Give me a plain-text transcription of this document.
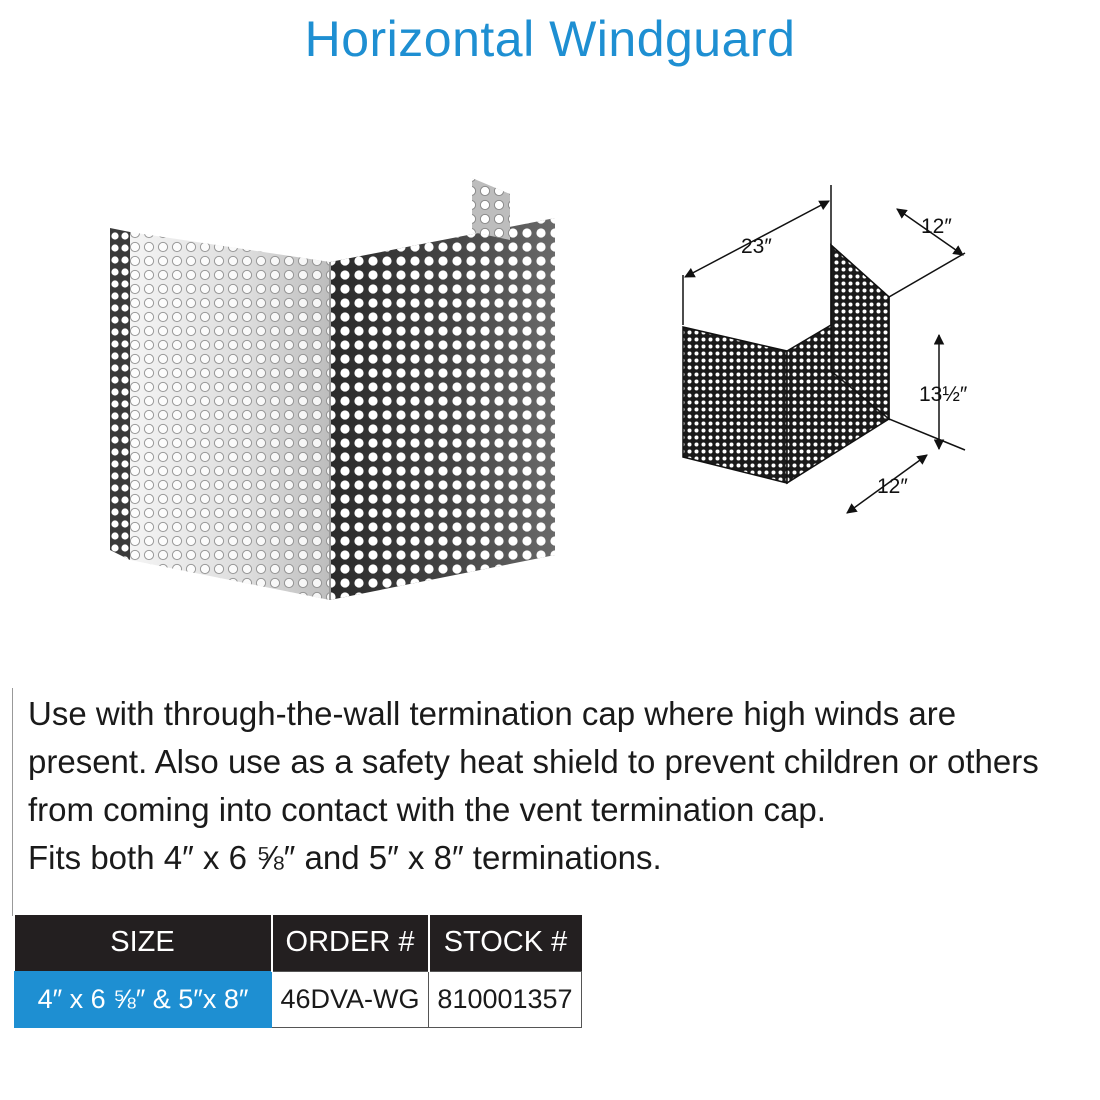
Horizontal Windguard
23″
12″
13½″
12″

Use with through-the-wall termination cap where high winds are

present. Also use as a safety heat shield to prevent children or others

from coming into contact with the vent termination cap.

Fits both 4″ x 6 ⅝″ and 5″ x 8″ terminations.

SIZE	ORDER #	STOCK #
4″ x 6 ⅝″ & 5″x 8″	46DVA-WG	810001357
